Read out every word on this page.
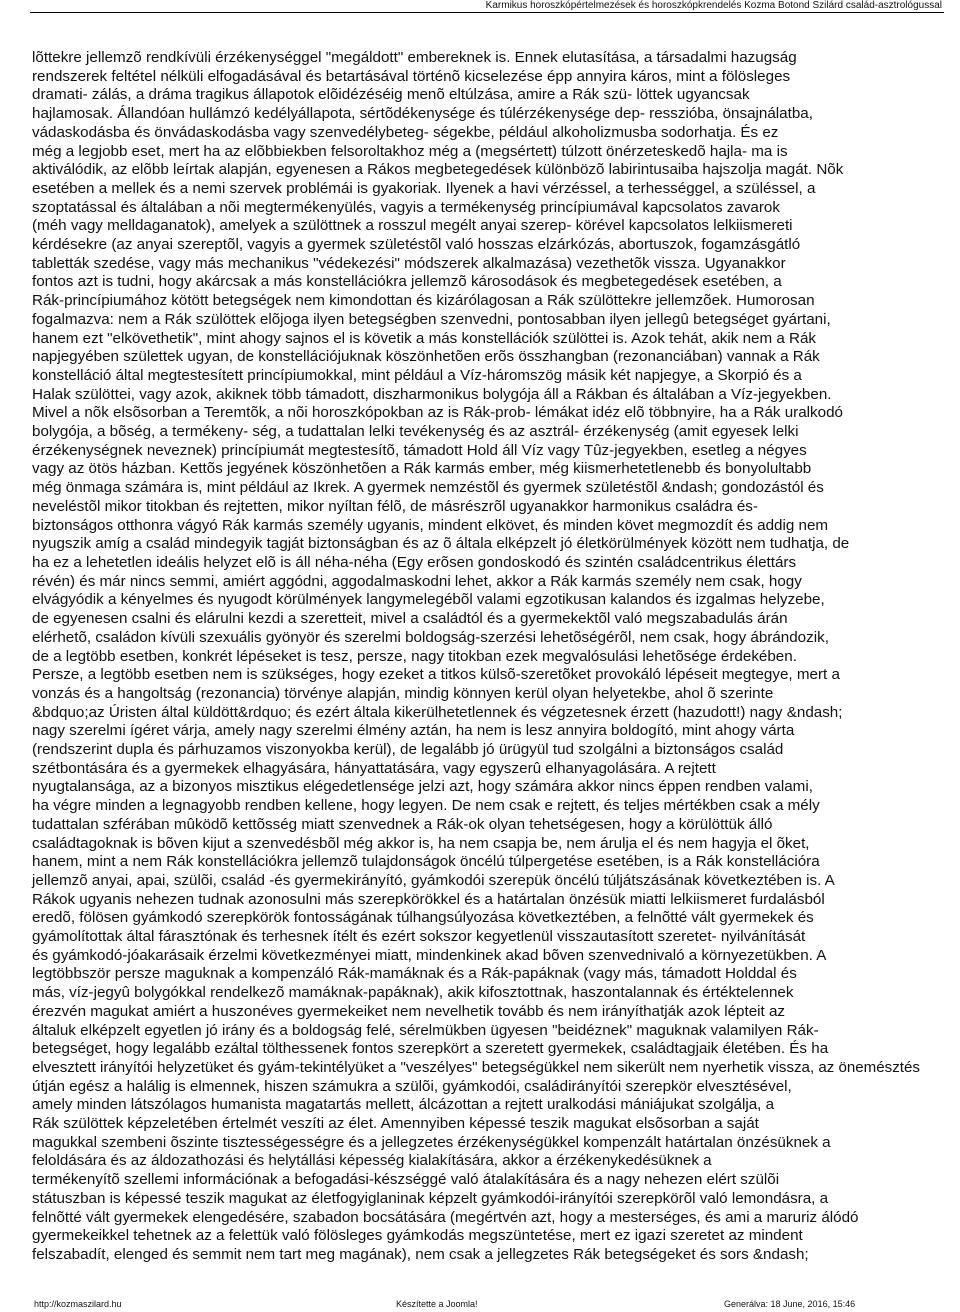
Karmikus horoszkópértelmezések és horoszkópkrendelés Kozma Botond Szilárd család-asztrológussal
lõttekre jellemzõ rendkívüli érzékenységgel "megáldott" embereknek is. Ennek elutasítása, a társadalmi hazugság
rendszerek feltétel nélküli elfogadásával és betartásával történõ kicselezése épp annyira káros, mint a fölösleges
dramati- zálás, a dráma tragikus állapotok elõidézéséig menõ eltúlzása, amire a Rák szü- löttek ugyancsak
hajlamosak. Állandóan hullámzó kedélyállapota, sértõdékenysége és túlérzékenysége dep- resszióba, önsajnálatba,
vádaskodásba és önvádaskodásba vagy szenvedélybeteg- ségekbe, például alkoholizmusba sodorhatja. És ez
még a legjobb eset, mert ha az elõbbiekben felsoroltakhoz még a (megsértett) túlzott önérzeteskedõ hajla- ma is
aktiválódik, az elõbb leírtak alapján, egyenesen a Rákos megbetegedések különbözõ labirintusaiba hajszolja magát. Nõk
esetében a mellek és a nemi szervek problémái is gyakoriak. Ilyenek a havi vérzéssel, a terhességgel, a szüléssel, a
szoptatással és általában a nõi megtermékenyülés, vagyis a termékenység princípiumával kapcsolatos zavarok
(méh vagy melldaganatok), amelyek a szülöttnek a rosszul megélt anyai szerep- körével kapcsolatos lelkiismereti
kérdésekre (az anyai szereptõl, vagyis a gyermek születéstõl való hosszas elzárkózás, abortuszok, fogamzásgátló
tabletták szedése, vagy más mechanikus "védekezési" módszerek alkalmazása) vezethetõk vissza. Ugyanakkor
fontos azt is tudni, hogy akárcsak a más konstellációkra jellemzõ károsodások és megbetegedések esetében, a
Rák-princípiumához kötött betegségek nem kimondottan és kizárólagosan a Rák szülöttekre jellemzõek. Humorosan
fogalmazva: nem a Rák szülöttek elõjoga ilyen betegségben szenvedni, pontosabban ilyen jellegû betegséget gyártani,
hanem ezt "elkövethetik", mint ahogy sajnos el is követik a más konstellációk szülöttei is. Azok tehát, akik nem a Rák
napjegyében születtek ugyan, de konstellációjuknak köszönhetõen erõs összhangban (rezonanciában) vannak a Rák
konstelláció által megtestesített princípiumokkal, mint például a Víz-háromszög másik két napjegye, a Skorpió és a
Halak szülöttei, vagy azok, akiknek több támadott, diszharmonikus bolygója áll a Rákban és általában a Víz-jegyekben.
Mivel a nõk elsõsorban a Teremtõk, a nõi horoszkópokban az is Rák-prob- lémákat idéz elõ többnyire, ha a Rák uralkodó
bolygója, a bõség, a termékeny- ség, a tudattalan lelki tevékenység és az asztrál- érzékenység (amit egyesek lelki
érzékenységnek neveznek) princípiumát megtestesítõ, támadott Hold áll Víz vagy Tûz-jegyekben, esetleg a négyes
vagy az ötös házban. Kettõs jegyének köszönhetõen a Rák karmás ember, még kiismerhetetlenebb és bonyolultabb
még önmaga számára is, mint például az Ikrek. A gyermek nemzéstõl és gyermek születéstõl &ndash; gondozástól és
neveléstõl mikor titokban és rejtetten, mikor nyíltan félõ, de másrészrõl ugyanakkor harmonikus családra és-
biztonságos otthonra vágyó Rák karmás személy ugyanis, mindent elkövet, és minden követ megmozdít és addig nem
nyugszik amíg a család mindegyik tagját biztonságban és az õ általa elképzelt jó életkörülmények között nem tudhatja, de
ha ez a lehetetlen ideális helyzet elõ is áll néha-néha (Egy erõsen gondoskodó és szintén családcentrikus élettárs
révén) és már nincs semmi, amiért aggódni, aggodalmaskodni lehet, akkor a Rák karmás személy nem csak, hogy
elvágyódik a kényelmes és nyugodt körülmények langymelegébõl valami egzotikusan kalandos és izgalmas helyzebe,
de egyenesen csalni és elárulni kezdi a szeretteit, mivel a családtól és a gyermekektõl való megszabadulás árán
elérhetõ, családon kívüli szexuális gyönyör és szerelmi boldogság-szerzési lehetõségérõl, nem csak, hogy ábrándozik,
de a legtöbb esetben, konkrét lépéseket is tesz, persze, nagy titokban ezek megvalósulási lehetõsége érdekében.
Persze, a legtöbb esetben nem is szükséges, hogy ezeket a titkos külsõ-szeretõket provokáló lépéseit megtegye, mert a
vonzás és a hangoltság (rezonancia) törvénye alapján, mindig könnyen kerül olyan helyetekbe, ahol õ szerinte
&bdquo;az Úristen által küldött&rdquo; és ezért általa kikerülhetetlennek és végzetesnek érzett (hazudott!) nagy &ndash;
nagy szerelmi ígéret várja, amely nagy szerelmi élmény aztán, ha nem is lesz annyira boldogító, mint ahogy várta
(rendszerint dupla és párhuzamos viszonyokba kerül), de legalább jó ürügyül tud szolgálni a biztonságos család
szétbontására és a gyermekek elhagyására, hányattatására, vagy egyszerû elhanyagolására. A rejtett
nyugtalansága, az a bizonyos misztikus elégedetlensége jelzi azt, hogy számára akkor nincs éppen rendben valami,
ha végre minden a legnagyobb rendben kellene, hogy legyen. De nem csak e rejtett, és teljes mértékben csak a mély
tudattalan szférában mûködõ kettõsség miatt szenvednek a Rák-ok olyan tehetségesen, hogy a körülöttük álló
családtagoknak is bõven kijut a szenvedésbõl még akkor is, ha nem csapja be, nem árulja el és nem hagyja el õket,
hanem, mint a nem Rák konstellációkra jellemzõ tulajdonságok öncélú túlpergetése esetében, is a Rák konstellációra
jellemzõ anyai, apai, szülõi, család -és gyermekirányító, gyámkodói szerepük öncélú túljátszásának következtében is. A
Rákok ugyanis nehezen tudnak azonosulni más szerepkörökkel és a határtalan önzésük miatti lelkiismeret furdalásból
eredõ, fölösen gyámkodó szerepkörök fontosságának túlhangsúlyozása következtében, a felnõtté vált gyermekek és
gyámolítottak által fárasztónak és terhesnek ítélt és ezért sokszor kegyetlenül visszautasított szeretet- nyilvánítását
és gyámkodó-jóakarásaik érzelmi következményei miatt, mindenkinek akad bõven szenvednivaló a környezetükben. A
legtöbbször persze maguknak a kompenzáló Rák-mamáknak és a Rák-papáknak (vagy más, támadott Holddal és
más, víz-jegyû bolygókkal rendelkezõ mamáknak-papáknak), akik kifosztottnak, haszontalannak és értéktelennek
érezvén magukat amiért a huszonéves gyermekeiket nem nevelhetik tovább és nem irányíthatják azok lépteit az
általuk elképzelt egyetlen jó irány és a boldogság felé, sérelmükben ügyesen "beidéznek" maguknak valamilyen Rák-
betegséget, hogy legalább ezáltal tölthessenek fontos szerepkört a szeretett gyermekek, családtagjaik életében. És ha
elvesztett irányítói helyzetüket és gyám-tekintélyüket a "veszélyes" betegségükkel nem sikerült nem nyerhetik vissza, az önemésztés
útján egész a halálig is elmennek, hiszen számukra a szülõi, gyámkodói, családirányítói szerepkör elvesztésével,
amely minden látszólagos humanista magatartás mellett, álcázottan a rejtett uralkodási mániájukat szolgálja, a
Rák szülöttek képzeletében értelmét veszíti az élet. Amennyiben képessé teszik magukat elsõsorban a saját
magukkal szembeni õszinte tisztességességre és a jellegzetes érzékenységükkel kompenzált határtalan önzésüknek a
feloldására és az áldozathozási és helytállási képesség kialakítására, akkor a érzékenykedésüknek a
termékenyítõ szellemi információnak a befogadási-készséggé való átalakítására és a nagy nehezen elért szülõi
státuszban is képessé teszik magukat az életfogyiglaninak képzelt gyámkodói-irányítói szerepkörõl való lemondásra, a
felnõtté vált gyermekek elengedésére, szabadon bocsátására (megértvén azt, hogy a mesterséges, és ami a maruriz álódó
gyermekeikkel tehetnek az a felettük való fölösleges gyámkodás megszüntetése, mert ez igazi szeretet az mindent
felszabadít, elenged és semmit nem tart meg magának), nem csak a jellegzetes Rák betegségeket és sors &ndash;
http://kozmaszilard.hu	Készítette a Joomla!	Generálva: 18 June, 2016, 15:46
